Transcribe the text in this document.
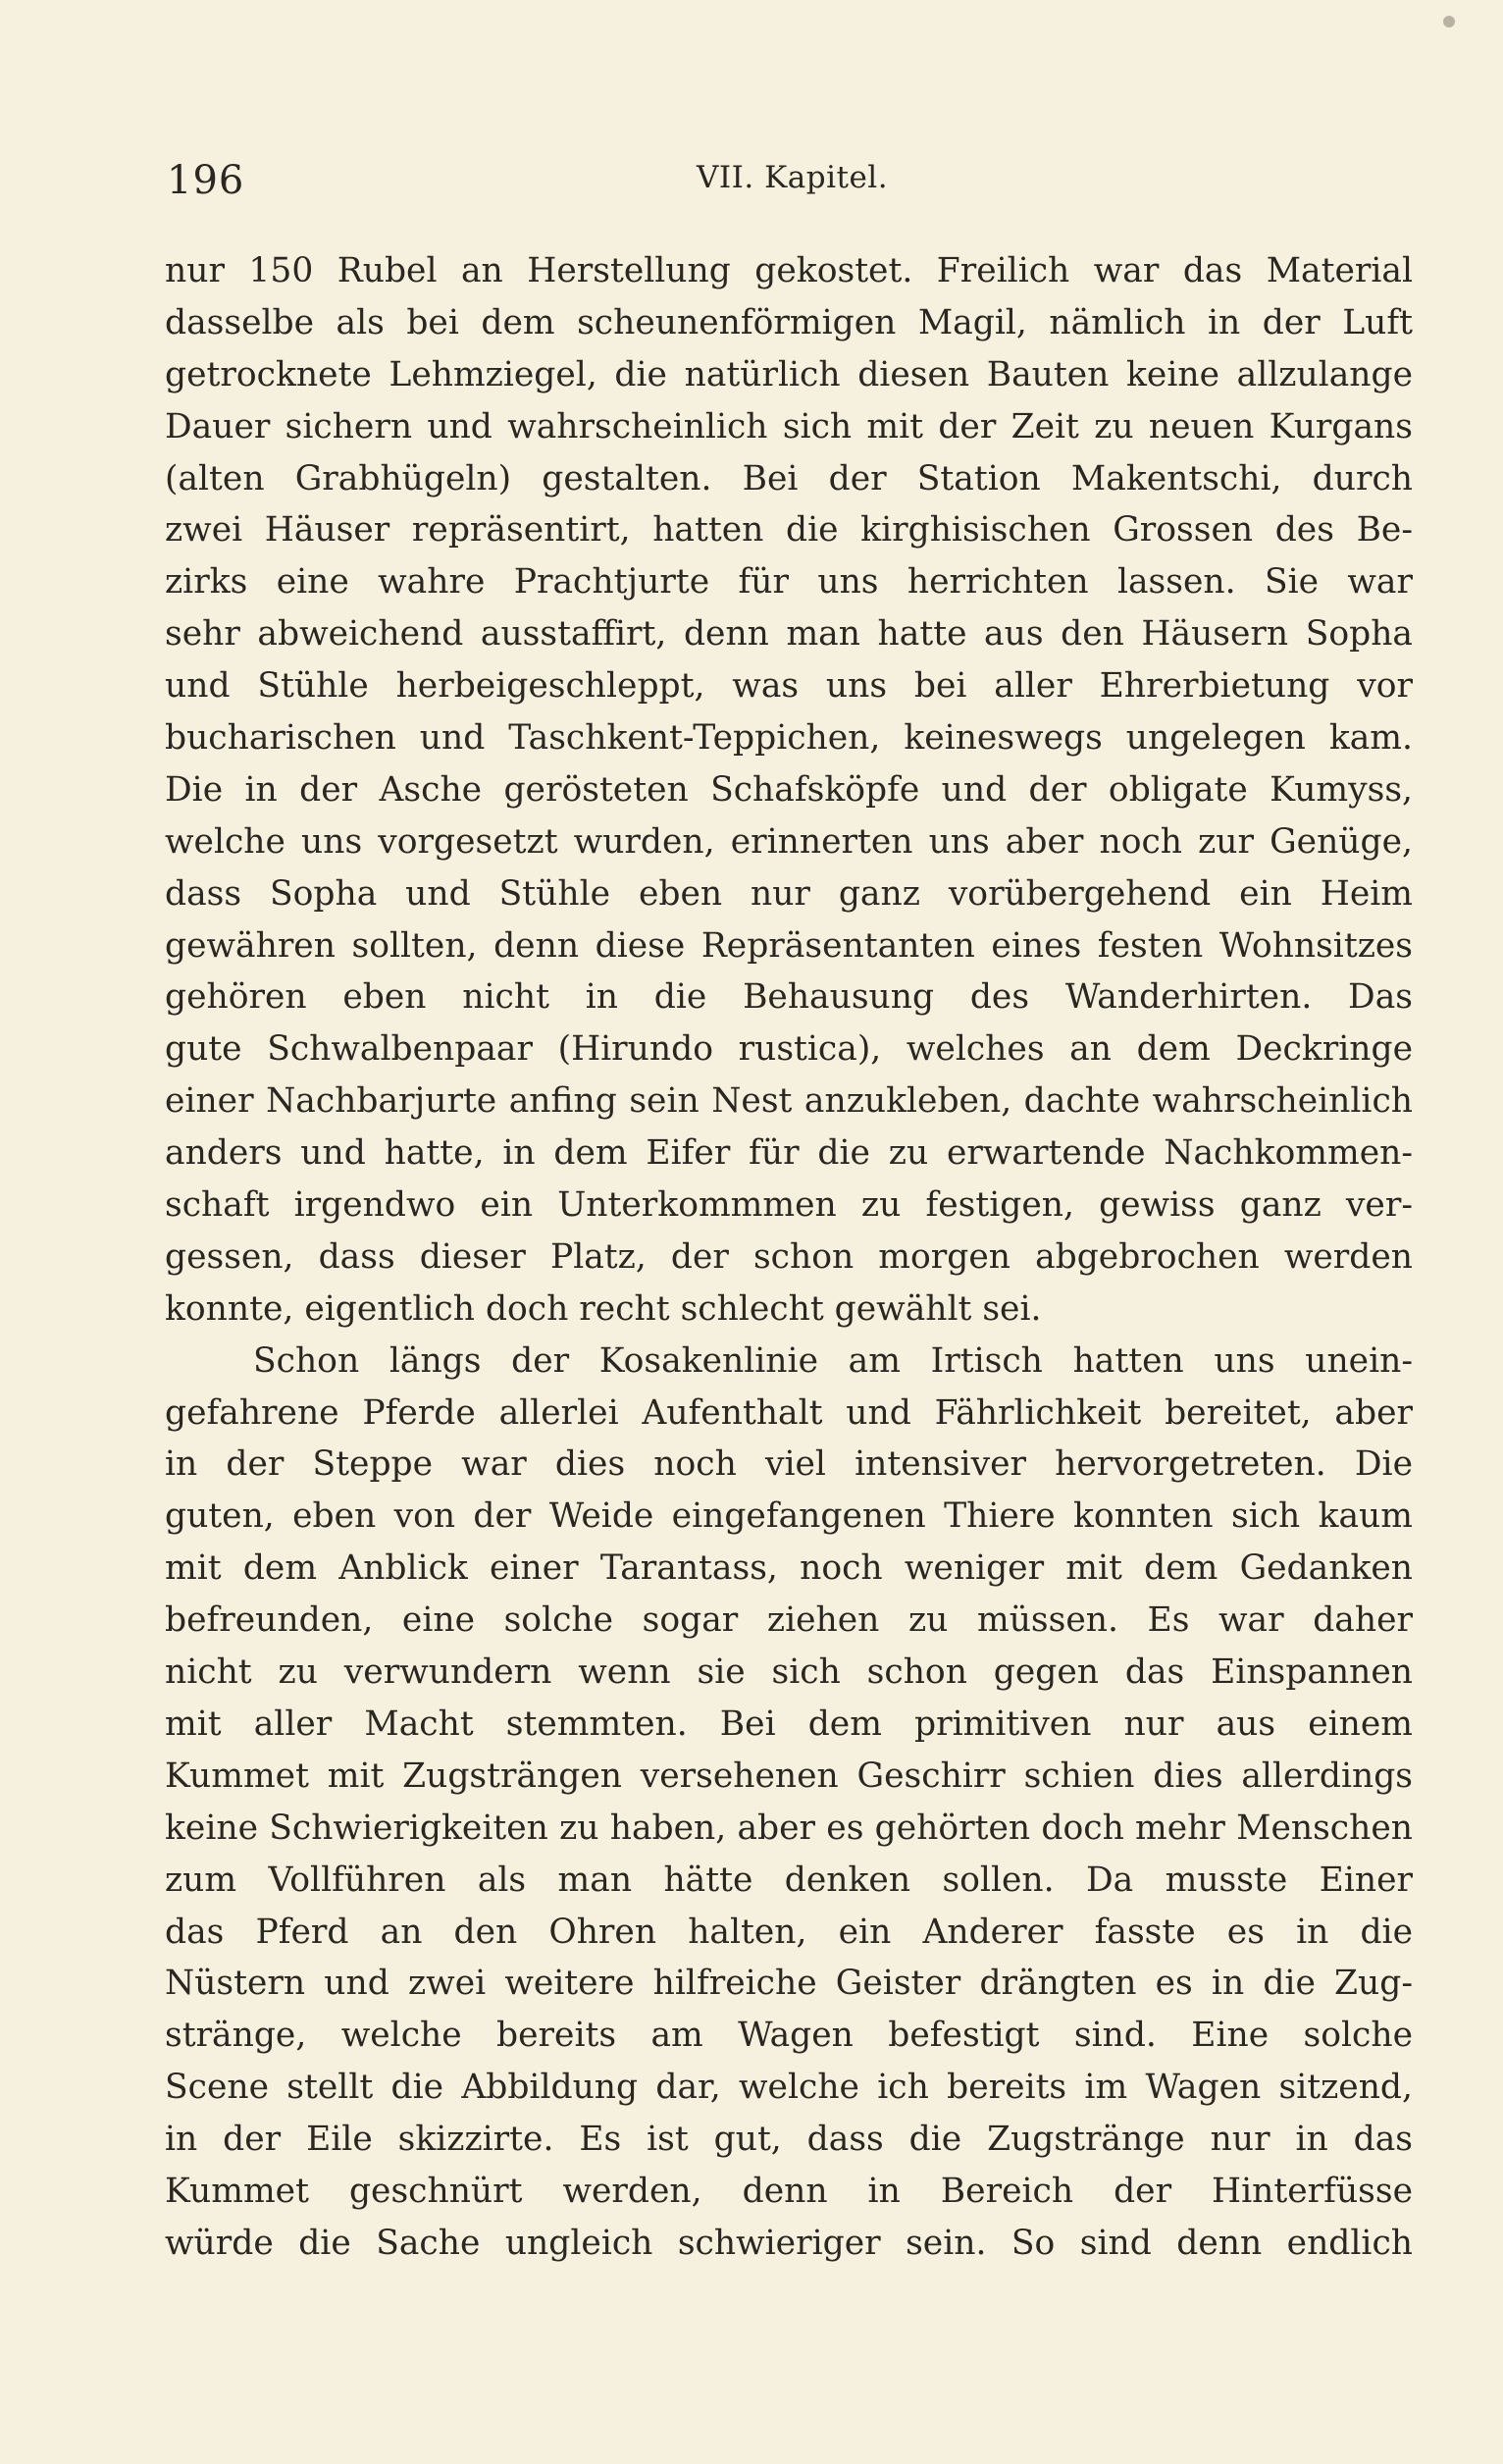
196	VII. Kapitel.
nur 150 Rubel an Herstellung gekostet. Freilich war das Material
dasselbe als bei dem scheunenförmigen Magil, nämlich in der Luft
getrocknete Lehmziegel, die natürlich diesen Bauten keine allzulange
Dauer sichern und wahrscheinlich sich mit der Zeit zu neuen Kurgans
(alten Grabhügeln) gestalten. Bei der Station Makentschi, durch
zwei Häuser repräsentirt, hatten die kirghisischen Grossen des Be-
zirks eine wahre Prachtjurte für uns herrichten lassen. Sie war
sehr abweichend ausstaffirt, denn man hatte aus den Häusern Sopha
und Stühle herbeigeschleppt, was uns bei aller Ehrerbietung vor
bucharischen und Taschkent-Teppichen, keineswegs ungelegen kam.
Die in der Asche gerösteten Schafsköpfe und der obligate Kumyss,
welche uns vorgesetzt wurden, erinnerten uns aber noch zur Genüge,
dass Sopha und Stühle eben nur ganz vorübergehend ein Heim
gewähren sollten, denn diese Repräsentanten eines festen Wohnsitzes
gehören eben nicht in die Behausung des Wanderhirten. Das
gute Schwalbenpaar (Hirundo rustica), welches an dem Deckringe
einer Nachbarjurte anfing sein Nest anzukleben, dachte wahrscheinlich
anders und hatte, in dem Eifer für die zu erwartende Nachkommen-
schaft irgendwo ein Unterkommmen zu festigen, gewiss ganz ver-
gessen, dass dieser Platz, der schon morgen abgebrochen werden
konnte, eigentlich doch recht schlecht gewählt sei.
Schon längs der Kosakenlinie am Irtisch hatten uns unein-
gefahrene Pferde allerlei Aufenthalt und Fährlichkeit bereitet, aber
in der Steppe war dies noch viel intensiver hervorgetreten. Die
guten, eben von der Weide eingefangenen Thiere konnten sich kaum
mit dem Anblick einer Tarantass, noch weniger mit dem Gedanken
befreunden, eine solche sogar ziehen zu müssen. Es war daher
nicht zu verwundern wenn sie sich schon gegen das Einspannen
mit aller Macht stemmten. Bei dem primitiven nur aus einem
Kummet mit Zugsträngen versehenen Geschirr schien dies allerdings
keine Schwierigkeiten zu haben, aber es gehörten doch mehr Menschen
zum Vollführen als man hätte denken sollen. Da musste Einer
das Pferd an den Ohren halten, ein Anderer fasste es in die
Nüstern und zwei weitere hilfreiche Geister drängten es in die Zug-
stränge, welche bereits am Wagen befestigt sind. Eine solche
Scene stellt die Abbildung dar, welche ich bereits im Wagen sitzend,
in der Eile skizzirte. Es ist gut, dass die Zugstränge nur in das
Kummet geschnürt werden, denn in Bereich der Hinterfüsse
würde die Sache ungleich schwieriger sein. So sind denn endlich
